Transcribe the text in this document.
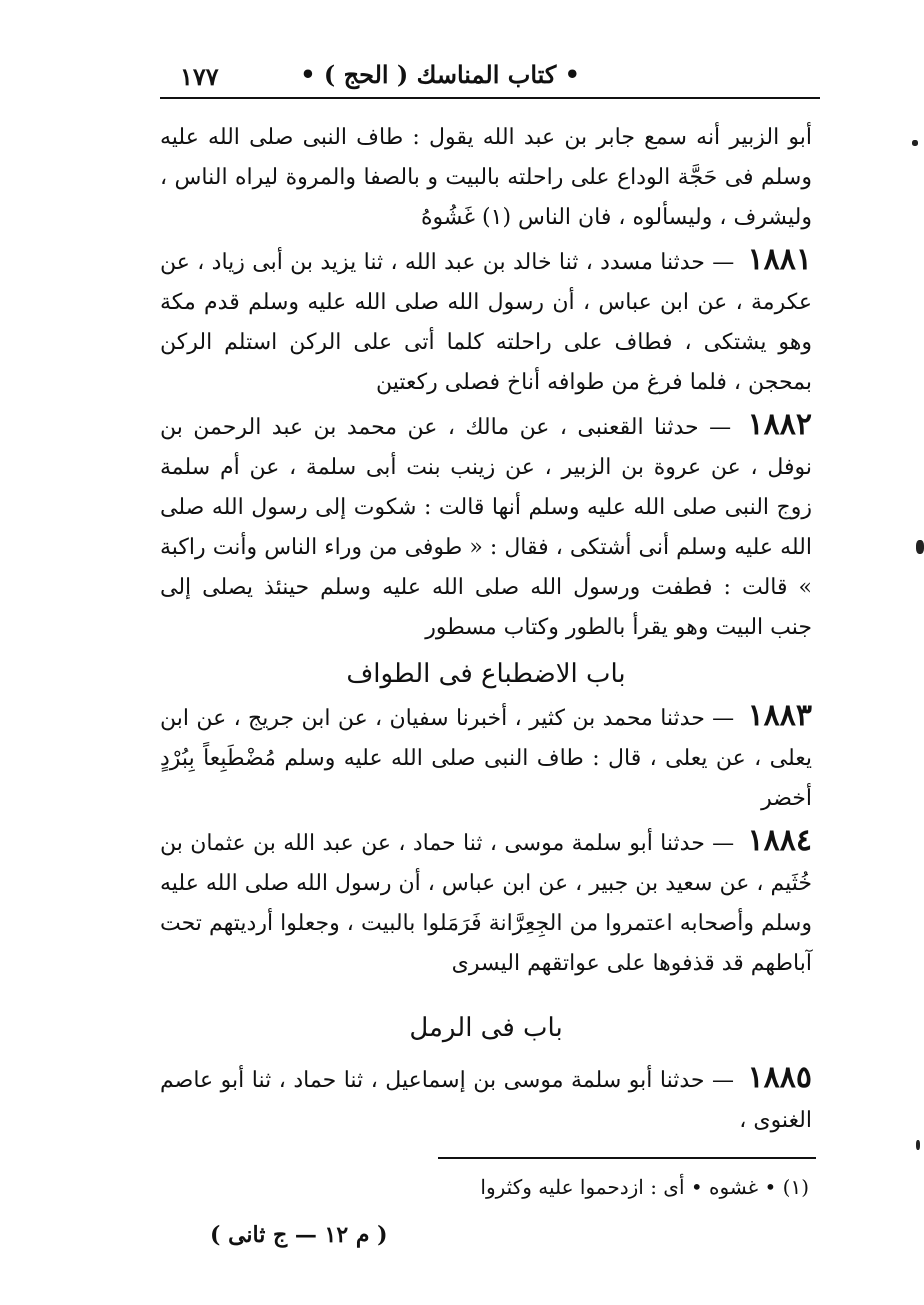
• كتاب المناسك ( الحج ) •
١٧٧

أبو الزبير أنه سمع جابر بن عبد الله يقول : طاف النبى صلى الله عليه وسلم فى حَجَّة الوداع على راحلته بالبيت و بالصفا والمروة ليراه الناس ، وليشرف ، وليسألوه ، فان الناس (١) غَشُوهُ

١٨٨١ — حدثنا مسدد ، ثنا خالد بن عبد الله ، ثنا يزيد بن أبى زياد ، عن عكرمة ، عن ابن عباس ، أن رسول الله صلى الله عليه وسلم قدم مكة وهو يشتكى ، فطاف على راحلته كلما أتى على الركن استلم الركن بمحجن ، فلما فرغ من طوافه أناخ فصلى ركعتين

١٨٨٢ — حدثنا القعنبى ، عن مالك ، عن محمد بن عبد الرحمن بن نوفل ، عن عروة بن الزبير ، عن زينب بنت أبى سلمة ، عن أم سلمة زوج النبى صلى الله عليه وسلم أنها قالت : شكوت إلى رسول الله صلى الله عليه وسلم أنى أشتكى ، فقال : « طوفى من وراء الناس وأنت راكبة » قالت : فطفت ورسول الله صلى الله عليه وسلم حينئذ يصلى إلى جنب البيت وهو يقرأ بالطور وكتاب مسطور

باب الاضطباع فى الطواف

١٨٨٣ — حدثنا محمد بن كثير ، أخبرنا سفيان ، عن ابن جريج ، عن ابن يعلى ، عن يعلى ، قال : طاف النبى صلى الله عليه وسلم مُضْطَبِعاً بِبُرْدٍ أخضر

١٨٨٤ — حدثنا أبو سلمة موسى ، ثنا حماد ، عن عبد الله بن عثمان بن خُثَيم ، عن سعيد بن جبير ، عن ابن عباس ، أن رسول الله صلى الله عليه وسلم وأصحابه اعتمروا من الجِعِرَّانة فَرَمَلوا بالبيت ، وجعلوا أرديتهم تحت آباطهم قد قذفوها على عواتقهم اليسرى

باب فى الرمل

١٨٨٥ — حدثنا أبو سلمة موسى بن إسماعيل ، ثنا حماد ، ثنا أبو عاصم الغنوى ،

(١) • غشوه • أى : ازدحموا عليه وكثروا
( م ١٢ — ج ثانى )
